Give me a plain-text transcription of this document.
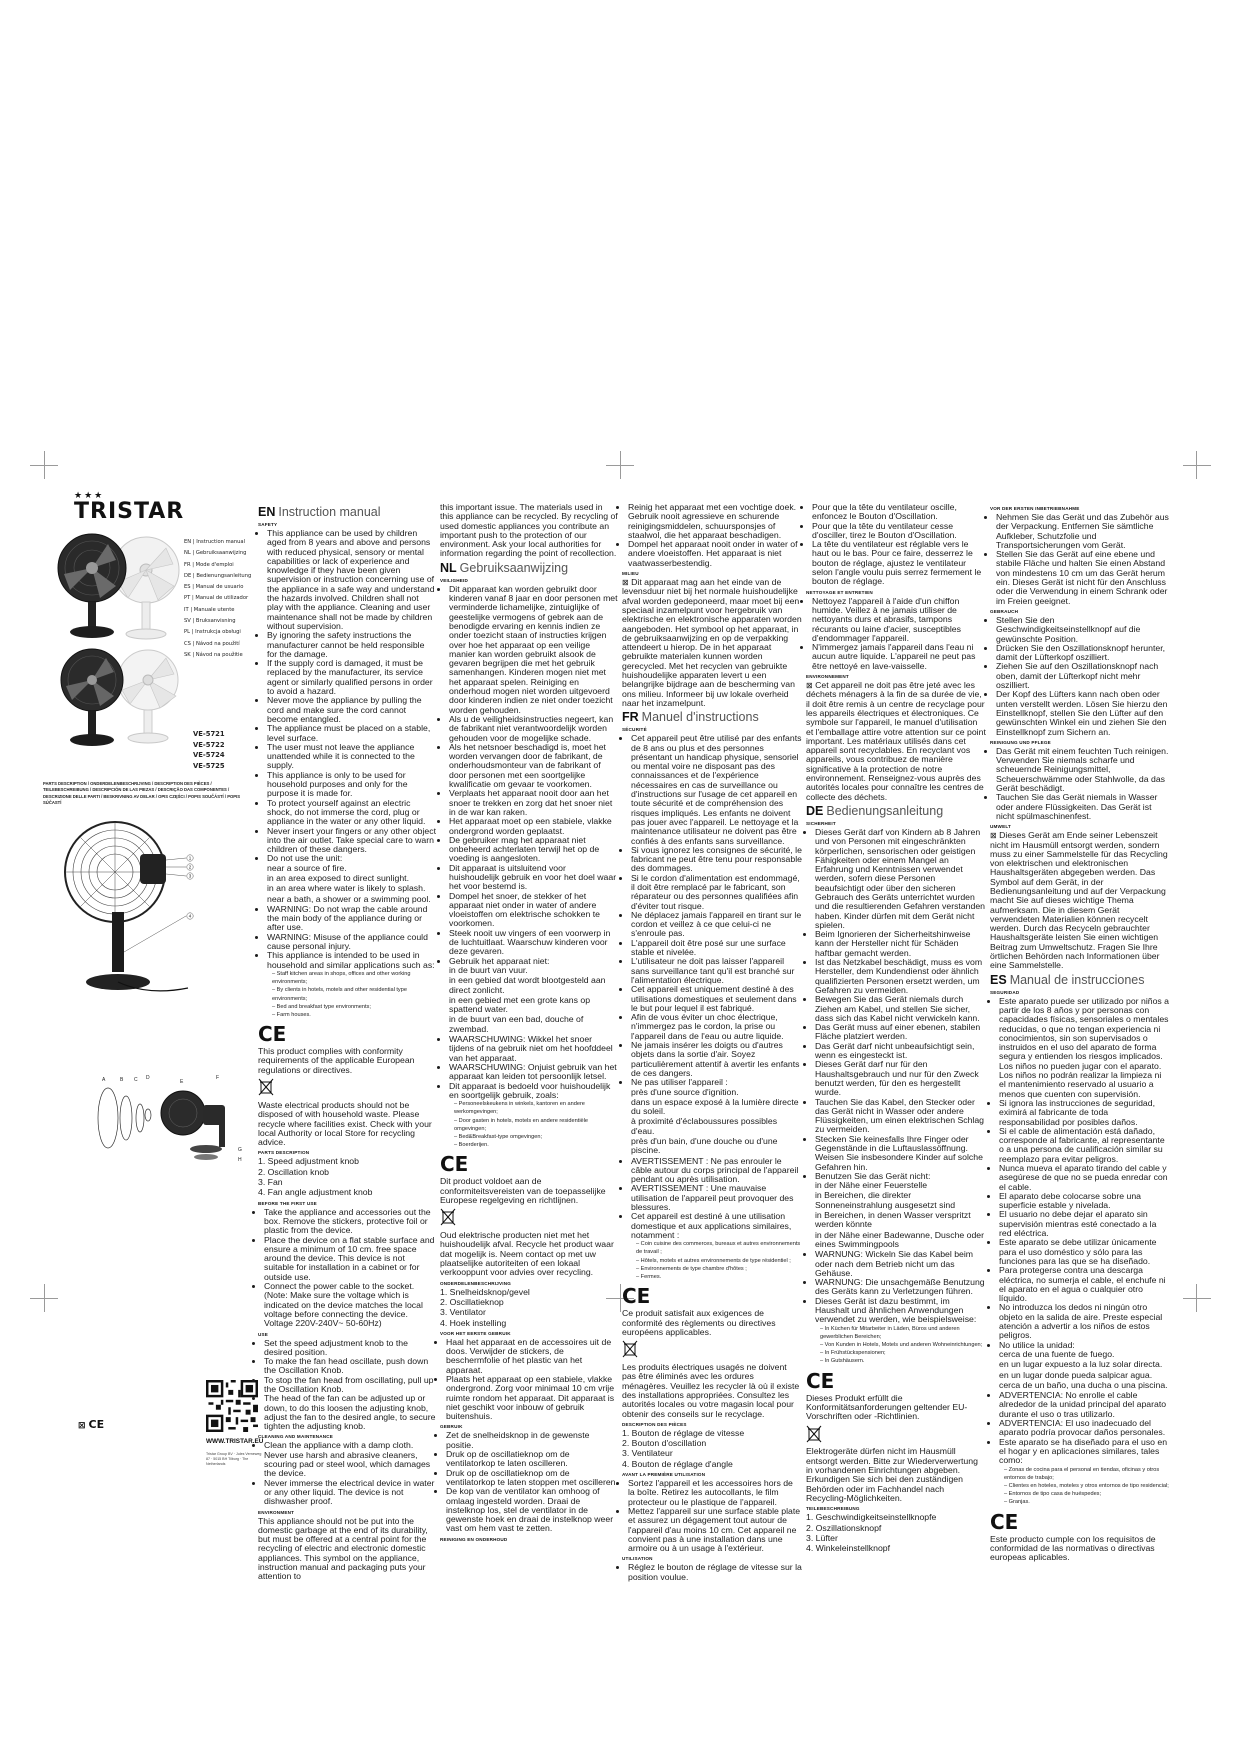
★★★
TRISTAR
EN | Instruction manual
NL | Gebruiksaanwijzing
FR | Mode d'emploi
DE | Bedienungsanleitung
ES | Manual de usuario
PT | Manual de utilizador
IT | Manuale utente
SV | Bruksanvisning
PL | Instrukcja obsługi
CS | Návod na použití
SK | Návod na použitie
VE-5721
VE-5722
VE-5724
VE-5725
PARTS DESCRIPTION / ONDERDELENBESCHRIJVING / DESCRIPTION DES PIÈCES / TEILEBESCHREIBUNG / DESCRIPCIÓN DE LAS PIEZAS / DESCRIÇÃO DAS COMPONENTES / DESCRIZIONE DELLE PARTI / BESKRIVNING AV DELAR / OPIS CZĘŚCI / POPIS SOUČÁSTÍ / POPIS SÚČASTÍ
1
2
3
4
A	B C D
E
F
G
H
WWW.TRISTAR.EU
Tristar Group BV · Jules Verneweg 87 · 5015 BH Tilburg · The Netherlands
⊠ CE
EN Instruction manual
SAFETY
• This appliance can be used by children aged from 8 years and above and persons with reduced physical, sensory or mental capabilities or lack of experience and knowledge if they have been given supervision or instruction concerning use of the appliance in a safe way and understand the hazards involved. Children shall not play with the appliance. Cleaning and user maintenance shall not be made by children without supervision.
• By ignoring the safety instructions the manufacturer cannot be held responsible for the damage.
• If the supply cord is damaged, it must be replaced by the manufacturer, its service agent or similarly qualified persons in order to avoid a hazard.
• Never move the appliance by pulling the cord and make sure the cord cannot become entangled.
• The appliance must be placed on a stable, level surface.
• The user must not leave the appliance unattended while it is connected to the supply.
• This appliance is only to be used for household purposes and only for the purpose it is made for.
• To protect yourself against an electric shock, do not immerse the cord, plug or appliance in the water or any other liquid.
• Never insert your fingers or any other object into the air outlet. Take special care to warn children of these dangers.
• Do not use the unit:

near a source of fire.

in an area exposed to direct sunlight.

in an area where water is likely to splash.

near a bath, a shower or a swimming pool.

• WARNING: Do not wrap the cable around the main body of the appliance during or after use.
• WARNING: Misuse of the appliance could cause personal injury.
• This appliance is intended to be used in household and similar applications such as:
– Staff kitchen areas in shops, offices and other working environments;
– By clients in hotels, motels and other residential type environments;
– Bed and breakfast type environments;
– Farm houses.
CE

This product complies with conformity requirements of the applicable European regulations or directives.

Waste electrical products should not be disposed of with household waste. Please recycle where facilities exist. Check with your local Authority or local Store for recycling advice.

PARTS DESCRIPTION

1. Speed adjustment knob

2. Oscillation knob

3. Fan

4. Fan angle adjustment knob

BEFORE THE FIRST USE
• Take the appliance and accessories out the box. Remove the stickers, protective foil or plastic from the device.
• Place the device on a flat stable surface and ensure a minimum of 10 cm. free space around the device. This device is not suitable for installation in a cabinet or for outside use.
• Connect the power cable to the socket. (Note: Make sure the voltage which is indicated on the device matches the local voltage before connecting the device. Voltage 220V-240V~ 50-60Hz)
USE
• Set the speed adjustment knob to the desired position.
• To make the fan head oscillate, push down the Oscillation Knob.
• To stop the fan head from oscillating, pull up the Oscillation Knob.
• The head of the fan can be adjusted up or down, to do this loosen the adjusting knob, adjust the fan to the desired angle, to secure tighten the adjusting knob.
CLEANING AND MAINTENANCE
• Clean the appliance with a damp cloth. Never use harsh and abrasive cleaners, scouring pad or steel wool, which damages the device.
• Never immerse the electrical device in water or any other liquid. The device is not dishwasher proof.
ENVIRONMENT

This appliance should not be put into the domestic garbage at the end of its durability, but must be offered at a central point for the recycling of electric and electronic domestic appliances. This symbol on the appliance, instruction manual and packaging puts your attention to

this important issue. The materials used in this appliance can be recycled. By recycling of used domestic appliances you contribute an important push to the protection of our environment. Ask your local authorities for information regarding the point of recollection.

NL Gebruiksaanwijzing
VEILIGHEID
• Dit apparaat kan worden gebruikt door kinderen vanaf 8 jaar en door personen met verminderde lichamelijke, zintuiglijke of geestelijke vermogens of gebrek aan de benodigde ervaring en kennis indien ze onder toezicht staan of instructies krijgen over hoe het apparaat op een veilige manier kan worden gebruikt alsook de gevaren begrijpen die met het gebruik samenhangen. Kinderen mogen niet met het apparaat spelen. Reiniging en onderhoud mogen niet worden uitgevoerd door kinderen indien ze niet onder toezicht worden gehouden.
• Als u de veiligheidsinstructies negeert, kan de fabrikant niet verantwoordelijk worden gehouden voor de mogelijke schade.
• Als het netsnoer beschadigd is, moet het worden vervangen door de fabrikant, de onderhoudsmonteur van de fabrikant of door personen met een soortgelijke kwalificatie om gevaar te voorkomen.
• Verplaats het apparaat nooit door aan het snoer te trekken en zorg dat het snoer niet in de war kan raken.
• Het apparaat moet op een stabiele, vlakke ondergrond worden geplaatst.
• De gebruiker mag het apparaat niet onbeheerd achterlaten terwijl het op de voeding is aangesloten.
• Dit apparaat is uitsluitend voor huishoudelijk gebruik en voor het doel waar het voor bestemd is.
• Dompel het snoer, de stekker of het apparaat niet onder in water of andere vloeistoffen om elektrische schokken te voorkomen.
• Steek nooit uw vingers of een voorwerp in de luchtuitlaat. Waarschuw kinderen voor deze gevaren.
• Gebruik het apparaat niet:

in de buurt van vuur.

in een gebied dat wordt blootgesteld aan direct zonlicht.

in een gebied met een grote kans op spattend water.

in de buurt van een bad, douche of zwembad.

• WAARSCHUWING: Wikkel het snoer tijdens of na gebruik niet om het hoofddeel van het apparaat.
• WAARSCHUWING: Onjuist gebruik van het apparaat kan leiden tot persoonlijk letsel.
• Dit apparaat is bedoeld voor huishoudelijk en soortgelijk gebruik, zoals:
– Personeelskeukens in winkels, kantoren en andere werkomgevingen;
– Door gasten in hotels, motels en andere residentiële omgevingen;
– Bed&Breakfast-type omgevingen;
– Boerderijen.
CE

Dit product voldoet aan de conformiteitsvereisten van de toepasselijke Europese regelgeving en richtlijnen.

Oud elektrische producten niet met het huishoudelijk afval. Recycle het product waar dat mogelijk is. Neem contact op met uw plaatselijke autoriteiten of een lokaal verkooppunt voor advies over recycling.

ONDERDELENBESCHRIJVING

1. Snelheidsknop/gevel

2. Oscillatieknop

3. Ventilator

4. Hoek instelling

VOOR HET EERSTE GEBRUIK
• Haal het apparaat en de accessoires uit de doos. Verwijder de stickers, de beschermfolie of het plastic van het apparaat.
• Plaats het apparaat op een stabiele, vlakke ondergrond. Zorg voor minimaal 10 cm vrije ruimte rondom het apparaat. Dit apparaat is niet geschikt voor inbouw of gebruik buitenshuis.
GEBRUIK
• Zet de snelheidsknop in de gewenste positie.
• Druk op de oscillatieknop om de ventilatorkop te laten oscilleren.
• Druk op de oscillatieknop om de ventilatorkop te laten stoppen met oscilleren.
• De kop van de ventilator kan omhoog of omlaag ingesteld worden. Draai de instelknop los, stel de ventilator in de gewenste hoek en draai de instelknop weer vast om hem vast te zetten.
REINIGING EN ONDERHOUD
• Reinig het apparaat met een vochtige doek. Gebruik nooit agressieve en schurende reinigingsmiddelen, schuursponsjes of staalwol, die het apparaat beschadigen.
• Dompel het apparaat nooit onder in water of andere vloeistoffen. Het apparaat is niet vaatwasserbestendig.
MILIEU

⊠ Dit apparaat mag aan het einde van de levensduur niet bij het normale huishoudelijke afval worden gedeponeerd, maar moet bij een speciaal inzamelpunt voor hergebruik van elektrische en elektronische apparaten worden aangeboden. Het symbool op het apparaat, in de gebruiksaanwijzing en op de verpakking attendeert u hierop. De in het apparaat gebruikte materialen kunnen worden gerecycled. Met het recyclen van gebruikte huishoudelijke apparaten levert u een belangrijke bijdrage aan de bescherming van ons milieu. Informeer bij uw lokale overheid naar het inzamelpunt.

FR Manuel d'instructions
SÉCURITÉ
• Cet appareil peut être utilisé par des enfants de 8 ans ou plus et des personnes présentant un handicap physique, sensoriel ou mental voire ne disposant pas des connaissances et de l'expérience nécessaires en cas de surveillance ou d'instructions sur l'usage de cet appareil en toute sécurité et de compréhension des risques impliqués. Les enfants ne doivent pas jouer avec l'appareil. Le nettoyage et la maintenance utilisateur ne doivent pas être confiés à des enfants sans surveillance.
• Si vous ignorez les consignes de sécurité, le fabricant ne peut être tenu pour responsable des dommages.
• Si le cordon d'alimentation est endommagé, il doit être remplacé par le fabricant, son réparateur ou des personnes qualifiées afin d'éviter tout risque.
• Ne déplacez jamais l'appareil en tirant sur le cordon et veillez à ce que celui-ci ne s'enroule pas.
• L'appareil doit être posé sur une surface stable et nivelée.
• L'utilisateur ne doit pas laisser l'appareil sans surveillance tant qu'il est branché sur l'alimentation électrique.
• Cet appareil est uniquement destiné à des utilisations domestiques et seulement dans le but pour lequel il est fabriqué.
• Afin de vous éviter un choc électrique, n'immergez pas le cordon, la prise ou l'appareil dans de l'eau ou autre liquide.
• Ne jamais insérer les doigts ou d'autres objets dans la sortie d'air. Soyez particulièrement attentif à avertir les enfants de ces dangers.
• Ne pas utiliser l'appareil :

près d'une source d'ignition.

dans un espace exposé à la lumière directe du soleil.

à proximité d'éclaboussures possibles d'eau.

près d'un bain, d'une douche ou d'une piscine.

• AVERTISSEMENT : Ne pas enrouler le câble autour du corps principal de l'appareil pendant ou après utilisation.
• AVERTISSEMENT : Une mauvaise utilisation de l'appareil peut provoquer des blessures.
• Cet appareil est destiné à une utilisation domestique et aux applications similaires, notamment :
– Coin cuisine des commerces, bureaux et autres environnements de travail ;
– Hôtels, motels et autres environnements de type résidentiel ;
– Environnements de type chambre d'hôtes ;
– Fermes.
CE

Ce produit satisfait aux exigences de conformité des règlements ou directives européens applicables.

Les produits électriques usagés ne doivent pas être éliminés avec les ordures ménagères. Veuillez les recycler là où il existe des installations appropriées. Consultez les autorités locales ou votre magasin local pour obtenir des conseils sur le recyclage.

DESCRIPTION DES PIÈCES

1. Bouton de réglage de vitesse

2. Bouton d'oscillation

3. Ventilateur

4. Bouton de réglage d'angle

AVANT LA PREMIÈRE UTILISATION
• Sortez l'appareil et les accessoires hors de la boîte. Retirez les autocollants, le film protecteur ou le plastique de l'appareil.
• Mettez l'appareil sur une surface stable plate et assurez un dégagement tout autour de l'appareil d'au moins 10 cm. Cet appareil ne convient pas à une installation dans une armoire ou à un usage à l'extérieur.
UTILISATION
• Réglez le bouton de réglage de vitesse sur la position voulue.
• Pour que la tête du ventilateur oscille, enfoncez le Bouton d'Oscillation.
• Pour que la tête du ventilateur cesse d'osciller, tirez le Bouton d'Oscillation.
• La tête du ventilateur est réglable vers le haut ou le bas. Pour ce faire, desserrez le bouton de réglage, ajustez le ventilateur selon l'angle voulu puis serrez fermement le bouton de réglage.
NETTOYAGE ET ENTRETIEN
• Nettoyez l'appareil à l'aide d'un chiffon humide. Veillez à ne jamais utiliser de nettoyants durs et abrasifs, tampons récurants ou laine d'acier, susceptibles d'endommager l'appareil.
• N'immergez jamais l'appareil dans l'eau ni aucun autre liquide. L'appareil ne peut pas être nettoyé en lave-vaisselle.
ENVIRONNEMENT

⊠ Cet appareil ne doit pas être jeté avec les déchets ménagers à la fin de sa durée de vie, il doit être remis à un centre de recyclage pour les appareils électriques et électroniques. Ce symbole sur l'appareil, le manuel d'utilisation et l'emballage attire votre attention sur ce point important. Les matériaux utilisés dans cet appareil sont recyclables. En recyclant vos appareils, vous contribuez de manière significative à la protection de notre environnement. Renseignez-vous auprès des autorités locales pour connaître les centres de collecte des déchets.

DE Bedienungsanleitung
SICHERHEIT
• Dieses Gerät darf von Kindern ab 8 Jahren und von Personen mit eingeschränkten körperlichen, sensorischen oder geistigen Fähigkeiten oder einem Mangel an Erfahrung und Kenntnissen verwendet werden, sofern diese Personen beaufsichtigt oder über den sicheren Gebrauch des Geräts unterrichtet wurden und die resultierenden Gefahren verstanden haben. Kinder dürfen mit dem Gerät nicht spielen.
• Beim Ignorieren der Sicherheitshinweise kann der Hersteller nicht für Schäden haftbar gemacht werden.
• Ist das Netzkabel beschädigt, muss es vom Hersteller, dem Kundendienst oder ähnlich qualifizierten Personen ersetzt werden, um Gefahren zu vermeiden.
• Bewegen Sie das Gerät niemals durch Ziehen am Kabel, und stellen Sie sicher, dass sich das Kabel nicht verwickeln kann.
• Das Gerät muss auf einer ebenen, stabilen Fläche platziert werden.
• Das Gerät darf nicht unbeaufsichtigt sein, wenn es eingesteckt ist.
• Dieses Gerät darf nur für den Haushaltsgebrauch und nur für den Zweck benutzt werden, für den es hergestellt wurde.
• Tauchen Sie das Kabel, den Stecker oder das Gerät nicht in Wasser oder andere Flüssigkeiten, um einen elektrischen Schlag zu vermeiden.
• Stecken Sie keinesfalls Ihre Finger oder Gegenstände in die Luftauslassöffnung. Weisen Sie insbesondere Kinder auf solche Gefahren hin.
• Benutzen Sie das Gerät nicht:

in der Nähe einer Feuerstelle

in Bereichen, die direkter Sonneneinstrahlung ausgesetzt sind

in Bereichen, in denen Wasser verspritzt werden könnte

in der Nähe einer Badewanne, Dusche oder eines Swimmingpools

• WARNUNG: Wickeln Sie das Kabel beim oder nach dem Betrieb nicht um das Gehäuse.
• WARNUNG: Die unsachgemäße Benutzung des Geräts kann zu Verletzungen führen.
• Dieses Gerät ist dazu bestimmt, im Haushalt und ähnlichen Anwendungen verwendet zu werden, wie beispielsweise:
– In Küchen für Mitarbeiter in Läden, Büros und anderen gewerblichen Bereichen;
– Von Kunden in Hotels, Motels und anderen Wohneinrichtungen;
– In Frühstückspensionen;
– In Gutshäusern.
CE

Dieses Produkt erfüllt die Konformitätsanforderungen geltender EU-Vorschriften oder -Richtlinien.

Elektrogeräte dürfen nicht im Hausmüll entsorgt werden. Bitte zur Wiederverwertung in vorhandenen Einrichtungen abgeben. Erkundigen Sie sich bei den zuständigen Behörden oder im Fachhandel nach Recycling-Möglichkeiten.

TEILEBESCHREIBUNG

1. Geschwindigkeitseinstellknopfe

2. Oszillationsknopf

3. Lüfter

4. Winkeleinstellknopf

VOR DER ERSTEN INBETRIEBNAHME
• Nehmen Sie das Gerät und das Zubehör aus der Verpackung. Entfernen Sie sämtliche Aufkleber, Schutzfolie und Transportsicherungen vom Gerät.
• Stellen Sie das Gerät auf eine ebene und stabile Fläche und halten Sie einen Abstand von mindestens 10 cm um das Gerät herum ein. Dieses Gerät ist nicht für den Anschluss oder die Verwendung in einem Schrank oder im Freien geeignet.
GEBRAUCH
• Stellen Sie den Geschwindigkeitseinstellknopf auf die gewünschte Position.
• Drücken Sie den Oszillationsknopf herunter, damit der Lüfterkopf oszilliert.
• Ziehen Sie auf den Oszillationsknopf nach oben, damit der Lüfterkopf nicht mehr oszilliert.
• Der Kopf des Lüfters kann nach oben oder unten verstellt werden. Lösen Sie hierzu den Einstellknopf, stellen Sie den Lüfter auf den gewünschten Winkel ein und ziehen Sie den Einstellknopf zum Sichern an.
REINIGUNG UND PFLEGE
• Das Gerät mit einem feuchten Tuch reinigen. Verwenden Sie niemals scharfe und scheuernde Reinigungsmittel, Scheuerschwämme oder Stahlwolle, da das Gerät beschädigt.
• Tauchen Sie das Gerät niemals in Wasser oder andere Flüssigkeiten. Das Gerät ist nicht spülmaschinenfest.
UMWELT

⊠ Dieses Gerät am Ende seiner Lebenszeit nicht im Hausmüll entsorgt werden, sondern muss zu einer Sammelstelle für das Recycling von elektrischen und elektronischen Haushaltsgeräten abgegeben werden. Das Symbol auf dem Gerät, in der Bedienungsanleitung und auf der Verpackung macht Sie auf dieses wichtige Thema aufmerksam. Die in diesem Gerät verwendeten Materialien können recycelt werden. Durch das Recyceln gebrauchter Haushaltsgeräte leisten Sie einen wichtigen Beitrag zum Umweltschutz. Fragen Sie Ihre örtlichen Behörden nach Informationen über eine Sammelstelle.

ES Manual de instrucciones
SEGURIDAD
• Este aparato puede ser utilizado por niños a partir de los 8 años y por personas con capacidades físicas, sensoriales o mentales reducidas, o que no tengan experiencia ni conocimientos, sin son supervisados o instruidos en el uso del aparato de forma segura y entienden los riesgos implicados. Los niños no pueden jugar con el aparato. Los niños no podrán realizar la limpieza ni el mantenimiento reservado al usuario a menos que cuenten con supervisión.
• Si ignora las instrucciones de seguridad, eximirá al fabricante de toda responsabilidad por posibles daños.
• Si el cable de alimentación está dañado, corresponde al fabricante, al representante o a una persona de cualificación similar su reemplazo para evitar peligros.
• Nunca mueva el aparato tirando del cable y asegúrese de que no se pueda enredar con el cable.
• El aparato debe colocarse sobre una superficie estable y nivelada.
• El usuario no debe dejar el aparato sin supervisión mientras esté conectado a la red eléctrica.
• Este aparato se debe utilizar únicamente para el uso doméstico y sólo para las funciones para las que se ha diseñado.
• Para protegerse contra una descarga eléctrica, no sumerja el cable, el enchufe ni el aparato en el agua o cualquier otro líquido.
• No introduzca los dedos ni ningún otro objeto en la salida de aire. Preste especial atención a advertir a los niños de estos peligros.
• No utilice la unidad:

cerca de una fuente de fuego.

en un lugar expuesto a la luz solar directa.

en un lugar donde pueda salpicar agua.

cerca de un baño, una ducha o una piscina.

• ADVERTENCIA: No enrolle el cable alrededor de la unidad principal del aparato durante el uso o tras utilizarlo.
• ADVERTENCIA: El uso inadecuado del aparato podría provocar daños personales.
• Este aparato se ha diseñado para el uso en el hogar y en aplicaciones similares, tales como:
– Zonas de cocina para el personal en tiendas, oficinas y otros entornos de trabajo;
– Clientes en hoteles, moteles y otros entornos de tipo residencial;
– Entornos de tipo casa de huéspedes;
– Granjas.
CE

Este producto cumple con los requisitos de conformidad de las normativas o directivas europeas aplicables.
